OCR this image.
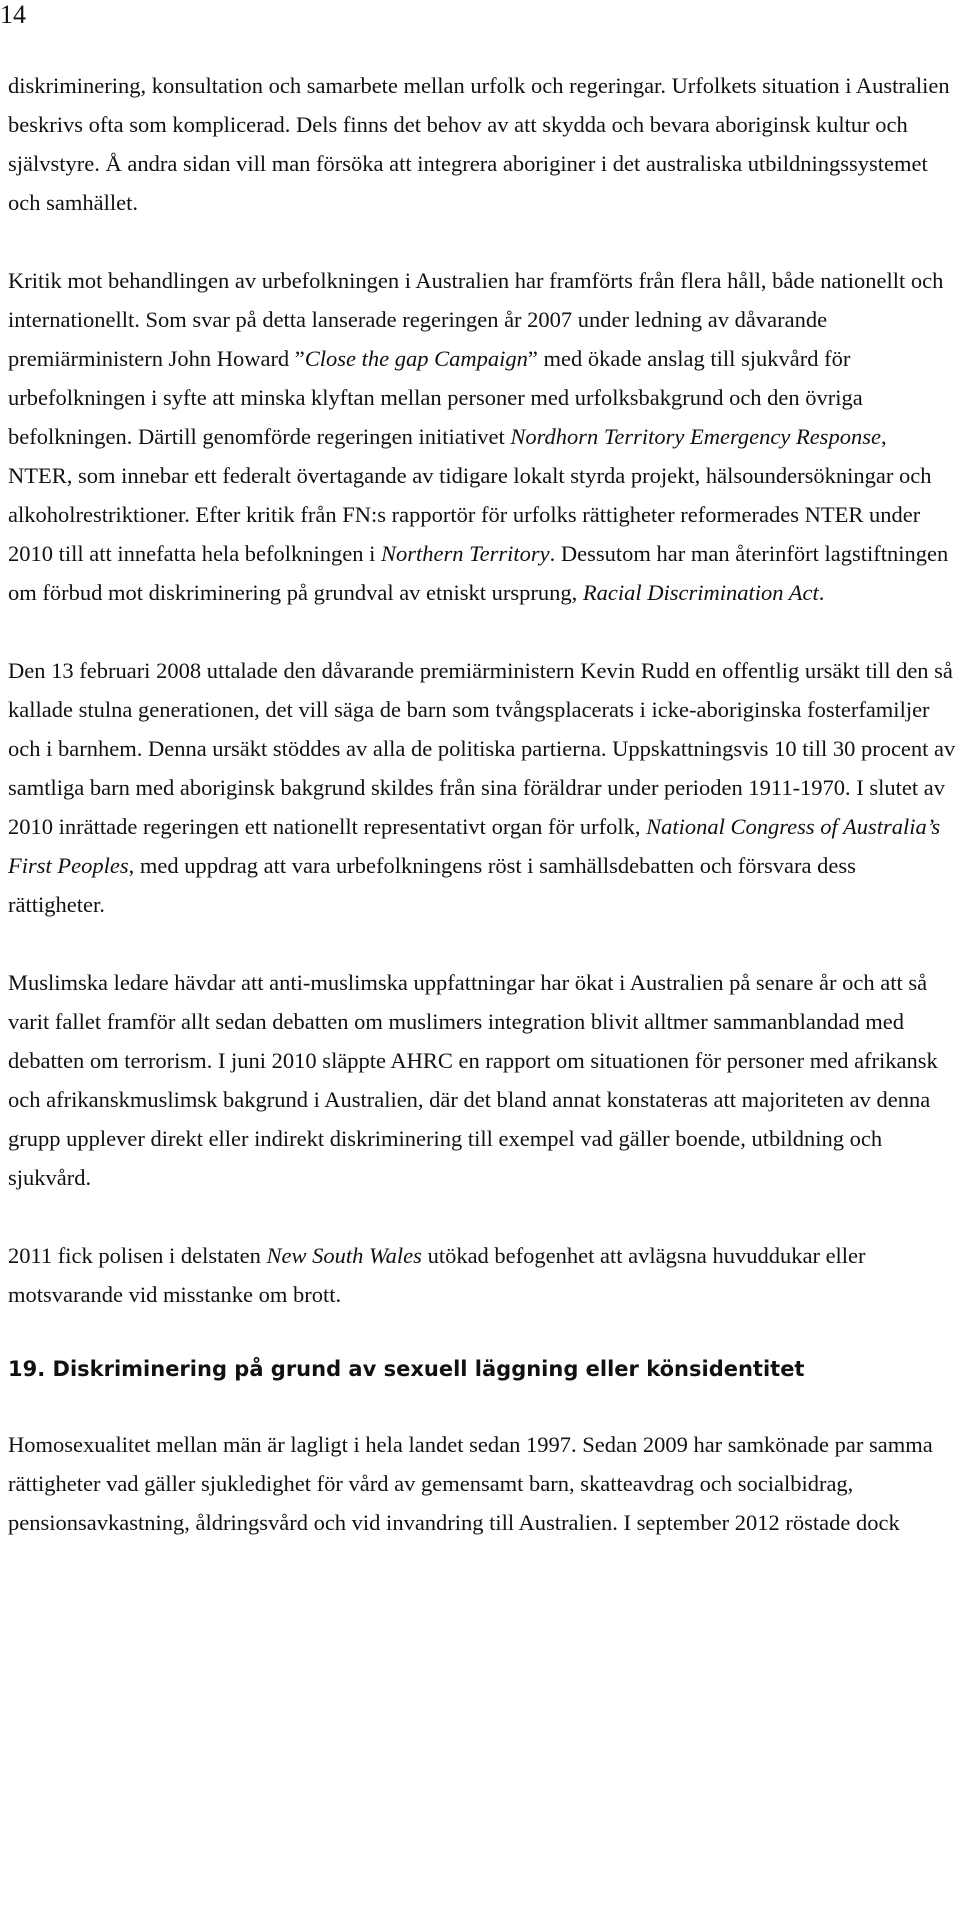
14

diskriminering, konsultation och samarbete mellan urfolk och regeringar. Urfolkets situation i Australien beskrivs ofta som komplicerad. Dels finns det behov av att skydda och bevara aboriginsk kultur och självstyre. Å andra sidan vill man försöka att integrera aboriginer i det australiska utbildningssystemet och samhället.

Kritik mot behandlingen av urbefolkningen i Australien har framförts från flera håll, både nationellt och internationellt. Som svar på detta lanserade regeringen år 2007 under ledning av dåvarande premiärministern John Howard ”Close the gap Campaign” med ökade anslag till sjukvård för urbefolkningen i syfte att minska klyftan mellan personer med urfolksbakgrund och den övriga befolkningen. Därtill genomförde regeringen initiativet Nordhorn Territory Emergency Response, NTER, som innebar ett federalt övertagande av tidigare lokalt styrda projekt, hälsoundersökningar och alkoholrestriktioner. Efter kritik från FN:s rapportör för urfolks rättigheter reformerades NTER under 2010 till att innefatta hela befolkningen i Northern Territory. Dessutom har man återinfört lagstiftningen om förbud mot diskriminering på grundval av etniskt ursprung, Racial Discrimination Act.

Den 13 februari 2008 uttalade den dåvarande premiärministern Kevin Rudd en offentlig ursäkt till den så kallade stulna generationen, det vill säga de barn som tvångsplacerats i icke-aboriginska fosterfamiljer och i barnhem. Denna ursäkt stöddes av alla de politiska partierna. Uppskattningsvis 10 till 30 procent av samtliga barn med aboriginsk bakgrund skildes från sina föräldrar under perioden 1911-1970. I slutet av 2010 inrättade regeringen ett nationellt representativt organ för urfolk, National Congress of Australia’s First Peoples, med uppdrag att vara urbefolkningens röst i samhällsdebatten och försvara dess rättigheter.

Muslimska ledare hävdar att anti-muslimska uppfattningar har ökat i Australien på senare år och att så varit fallet framför allt sedan debatten om muslimers integration blivit alltmer sammanblandad med debatten om terrorism. I juni 2010 släppte AHRC en rapport om situationen för personer med afrikansk och afrikanskmuslimsk bakgrund i Australien, där det bland annat konstateras att majoriteten av denna grupp upplever direkt eller indirekt diskriminering till exempel vad gäller boende, utbildning och sjukvård.

2011 fick polisen i delstaten New South Wales utökad befogenhet att avlägsna huvuddukar eller motsvarande vid misstanke om brott.

19. Diskriminering på grund av sexuell läggning eller könsidentitet

Homosexualitet mellan män är lagligt i hela landet sedan 1997. Sedan 2009 har samkönade par samma rättigheter vad gäller sjukledighet för vård av gemensamt barn, skatteavdrag och socialbidrag, pensionsavkastning, åldringsvård och vid invandring till Australien. I september 2012 röstade dock
